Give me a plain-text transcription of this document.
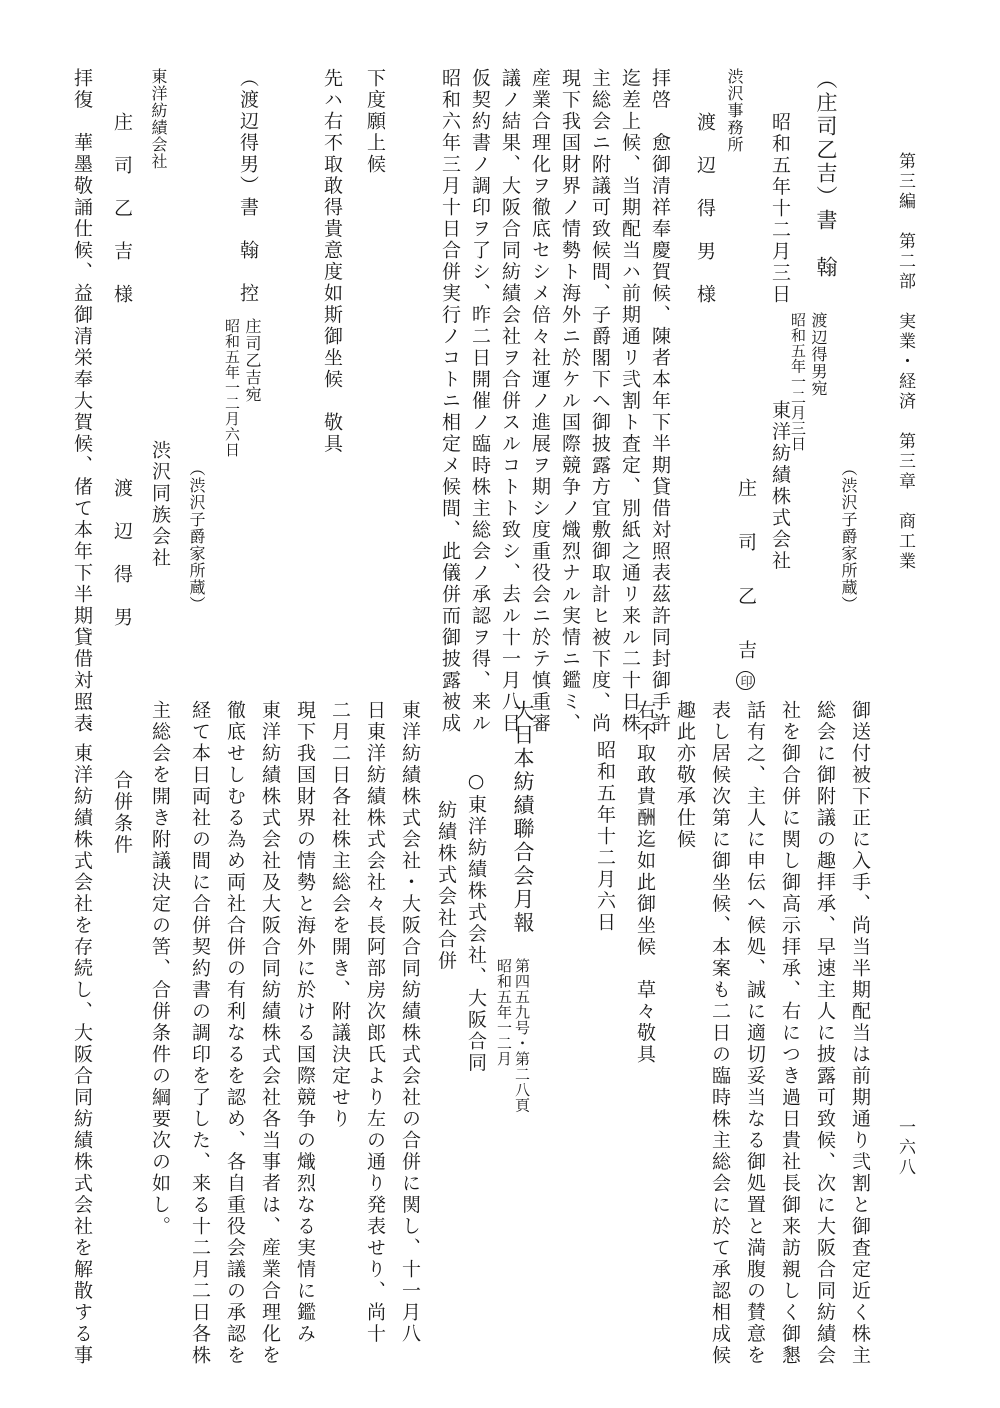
第三編　第二部　実業・経済　第三章　商工業
一六八
（渋沢子爵家所蔵）
（庄司乙吉）書　翰
渡辺得男宛
昭和五年一二月三日
東洋紡績株式会社
庄　司　乙　吉印
昭和五年十二月三日
渋沢事務所
渡　辺　得　男　様
拝啓　愈御清祥奉慶賀候、陳者本年下半期貸借対照表茲許同封御手許
迄差上候、当期配当ハ前期通リ弐割ト査定、別紙之通リ来ル二十日株
主総会ニ附議可致候間、子爵閣下ヘ御披露方宜敷御取計ヒ被下度、尚
現下我国財界ノ情勢ト海外ニ於ケル国際競争ノ熾烈ナル実情ニ鑑ミ、
産業合理化ヲ徹底セシメ倍々社運ノ進展ヲ期シ度重役会ニ於テ慎重審
議ノ結果、大阪合同紡績会社ヲ合併スルコトト致シ、去ル十一月八日
仮契約書ノ調印ヲ了シ、昨二日開催ノ臨時株主総会ノ承認ヲ得、来ル
昭和六年三月十日合併実行ノコトニ相定メ候間、此儀併而御披露被成
下度願上候
先ハ右不取敢得貴意度如斯御坐候　敬具
（渡辺得男）書　翰　控
庄司乙吉宛
昭和五年一二月六日
（渋沢子爵家所蔵）
東洋紡績会社
渋沢同族会社
庄　司　乙　吉　様
渡　辺　得　男
拝復　華墨敬誦仕候、益御清栄奉大賀候、偖て本年下半期貸借対照表
御送付被下正に入手、尚当半期配当は前期通り弐割と御査定近く株主
総会に御附議の趣拝承、早速主人に披露可致候、次に大阪合同紡績会
社を御合併に関し御高示拝承、右につき過日貴社長御来訪親しく御懇
話有之、主人に申伝へ候処、誠に適切妥当なる御処置と満腹の賛意を
表し居候次第に御坐候、本案も二日の臨時株主総会に於て承認相成候
趣此亦敬承仕候
右不取敢貴酬迄如此御坐候　草々敬具
昭和五年十二月六日
大日本紡績聯合会月報
第四五九号・第二八頁
昭和五年一二月
○東洋紡績株式会社、大阪合同
紡績株式会社合併
東洋紡績株式会社・大阪合同紡績株式会社の合併に関し、十一月八
日東洋紡績株式会社々長阿部房次郎氏より左の通り発表せり、尚十
二月二日各社株主総会を開き、附議決定せり
現下我国財界の情勢と海外に於ける国際競争の熾烈なる実情に鑑み
東洋紡績株式会社及大阪合同紡績株式会社各当事者は、産業合理化を
徹底せしむる為め両社合併の有利なるを認め、各自重役会議の承認を
経て本日両社の間に合併契約書の調印を了した、来る十二月二日各株
主総会を開き附議決定の筈、合併条件の綱要次の如し。
合併条件
一、東洋紡績株式会社を存続し、大阪合同紡績株式会社を解散する事
